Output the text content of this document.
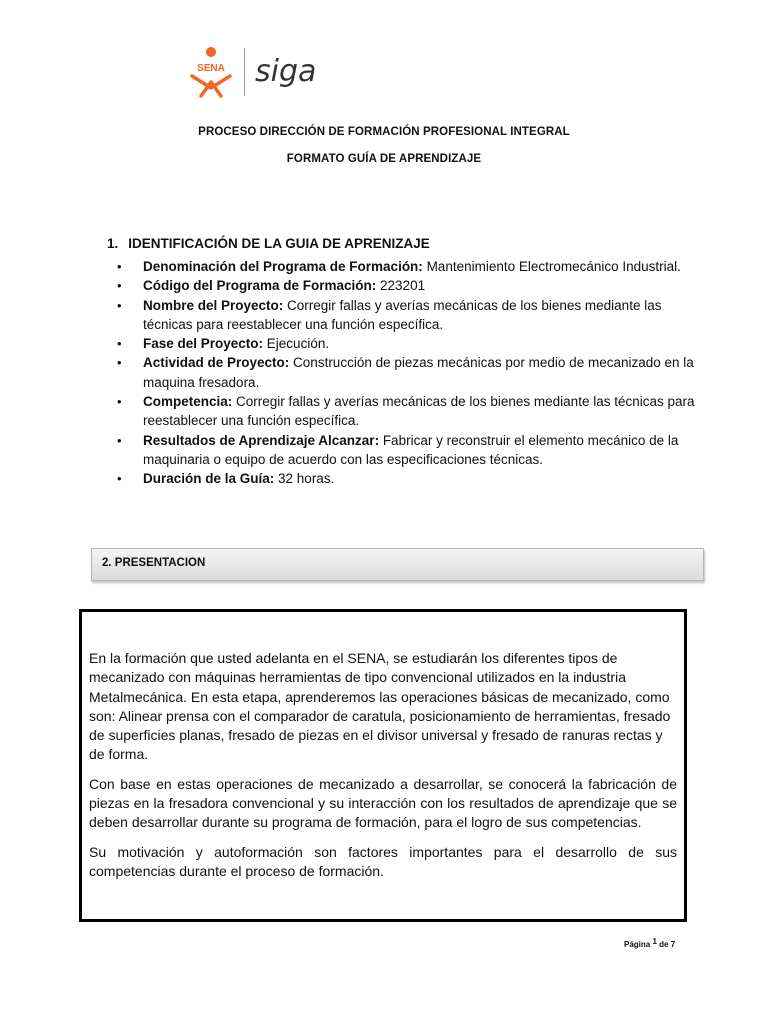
SENA siga
PROCESO DIRECCIÓN DE FORMACIÓN PROFESIONAL INTEGRAL
FORMATO GUÍA DE APRENDIZAJE
1. IDENTIFICACIÓN DE LA GUIA DE APRENIZAJE
• Denominación del Programa de Formación: Mantenimiento Electromecánico Industrial.
• Código del Programa de Formación: 223201
• Nombre del Proyecto: Corregir fallas y averías mecánicas de los bienes mediante las técnicas para reestablecer una función específica.
• Fase del Proyecto: Ejecución.
• Actividad de Proyecto: Construcción de piezas mecánicas por medio de mecanizado en la maquina fresadora.
• Competencia: Corregir fallas y averías mecánicas de los bienes mediante las técnicas para reestablecer una función específica.
• Resultados de Aprendizaje Alcanzar: Fabricar y reconstruir el elemento mecánico de la maquinaria o equipo de acuerdo con las especificaciones técnicas.
• Duración de la Guía: 32 horas.
2. PRESENTACION

En la formación que usted adelanta en el SENA, se estudiarán los diferentes tipos de mecanizado con máquinas herramientas de tipo convencional utilizados en la industria Metalmecánica. En esta etapa, aprenderemos las operaciones básicas de mecanizado, como son: Alinear prensa con el comparador de caratula, posicionamiento de herramientas, fresado de superficies planas, fresado de piezas en el divisor universal y fresado de ranuras rectas y de forma.

Con base en estas operaciones de mecanizado a desarrollar, se conocerá la fabricación de piezas en la fresadora convencional y su interacción con los resultados de aprendizaje que se deben desarrollar durante su programa de formación, para el logro de sus competencias.

Su motivación y autoformación son factores importantes para el desarrollo de sus competencias durante el proceso de formación.

Página $^1$ de 7
